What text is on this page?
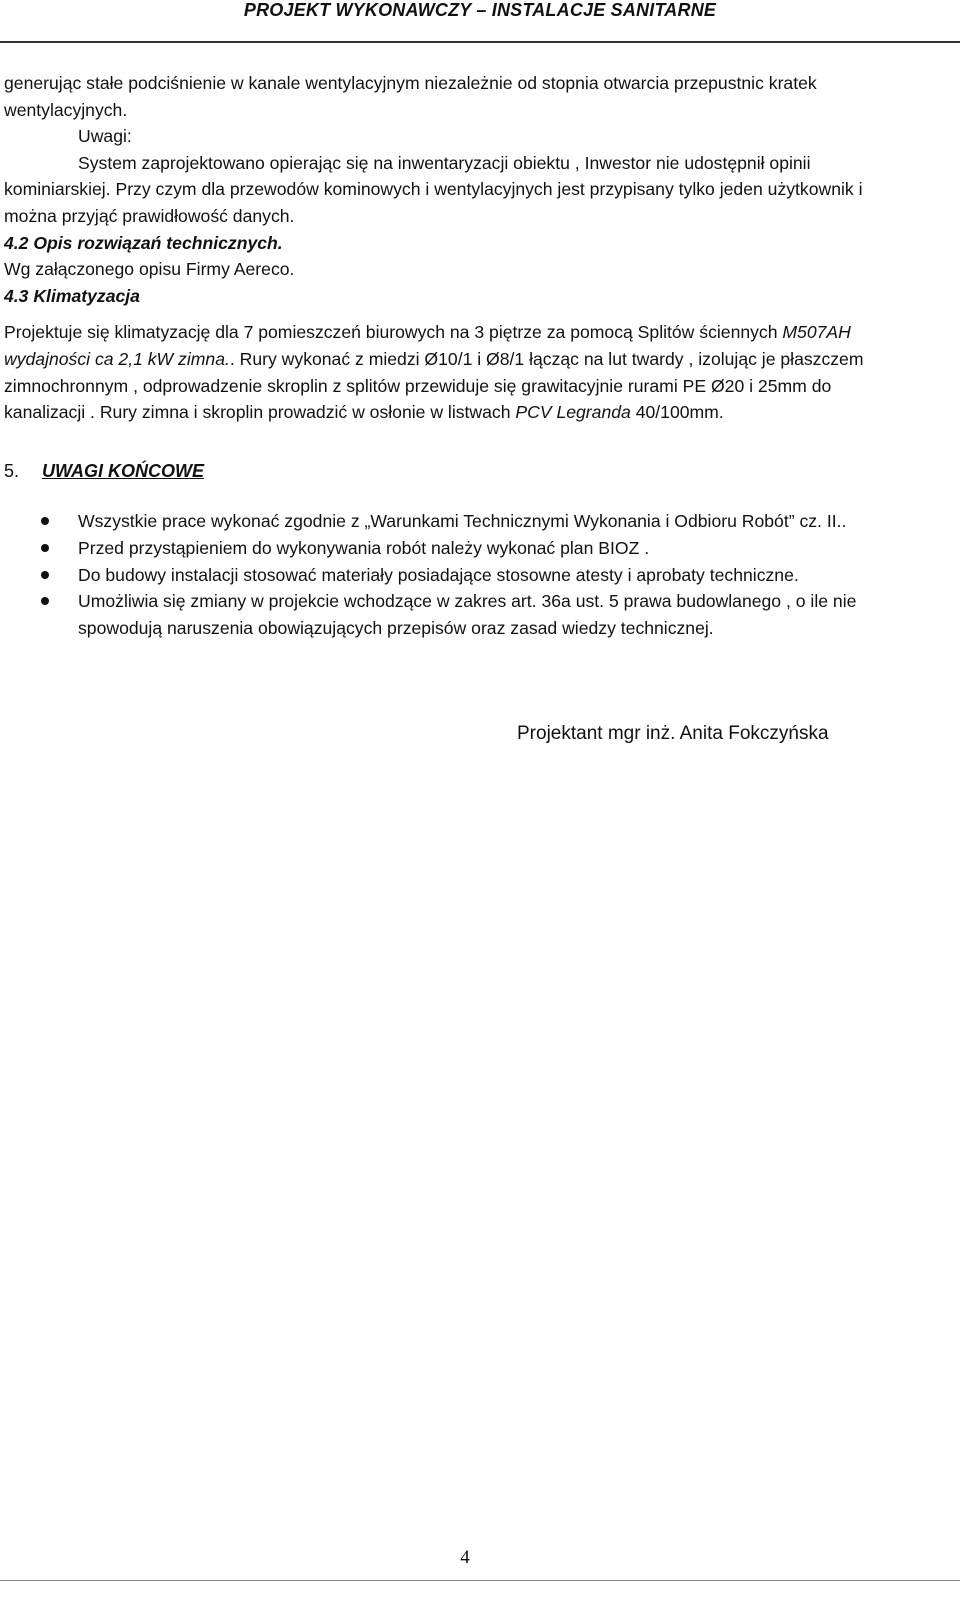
PROJEKT WYKONAWCZY – INSTALACJE SANITARNE

generując stałe podciśnienie w kanale wentylacyjnym niezależnie od stopnia otwarcia przepustnic kratek

wentylacyjnych.

Uwagi:

System zaprojektowano opierając się na inwentaryzacji obiektu , Inwestor nie udostępnił opinii

kominiarskiej. Przy czym dla przewodów kominowych i wentylacyjnych jest przypisany tylko jeden użytkownik i

można przyjąć prawidłowość danych.

4.2 Opis rozwiązań technicznych.

Wg załączonego opisu Firmy Aereco.

4.3 Klimatyzacja

Projektuje się klimatyzację dla 7 pomieszczeń biurowych na 3 piętrze za pomocą Splitów ściennych M507AH

wydajności ca 2,1 kW zimna.. Rury wykonać z miedzi Ø10/1 i Ø8/1 łącząc na lut twardy , izolując je płaszczem

zimnochronnym , odprowadzenie skroplin z splitów przewiduje się grawitacyjnie rurami PE Ø20 i 25mm do

kanalizacji . Rury zimna i skroplin prowadzić w osłonie w listwach PCV Legranda 40/100mm.

5.	UWAGI KOŃCOWE
Wszystkie prace wykonać zgodnie z „Warunkami Technicznymi Wykonania i Odbioru Robót” cz. II..
Przed przystąpieniem do wykonywania robót należy wykonać plan BIOZ .
Do budowy instalacji stosować materiały posiadające stosowne atesty i aprobaty techniczne.
Umożliwia się zmiany w projekcie wchodzące w zakres art. 36a ust. 5 prawa budowlanego , o ile nie
spowodują naruszenia obowiązujących przepisów oraz zasad wiedzy technicznej.
Projektant mgr inż. Anita Fokczyńska
4
